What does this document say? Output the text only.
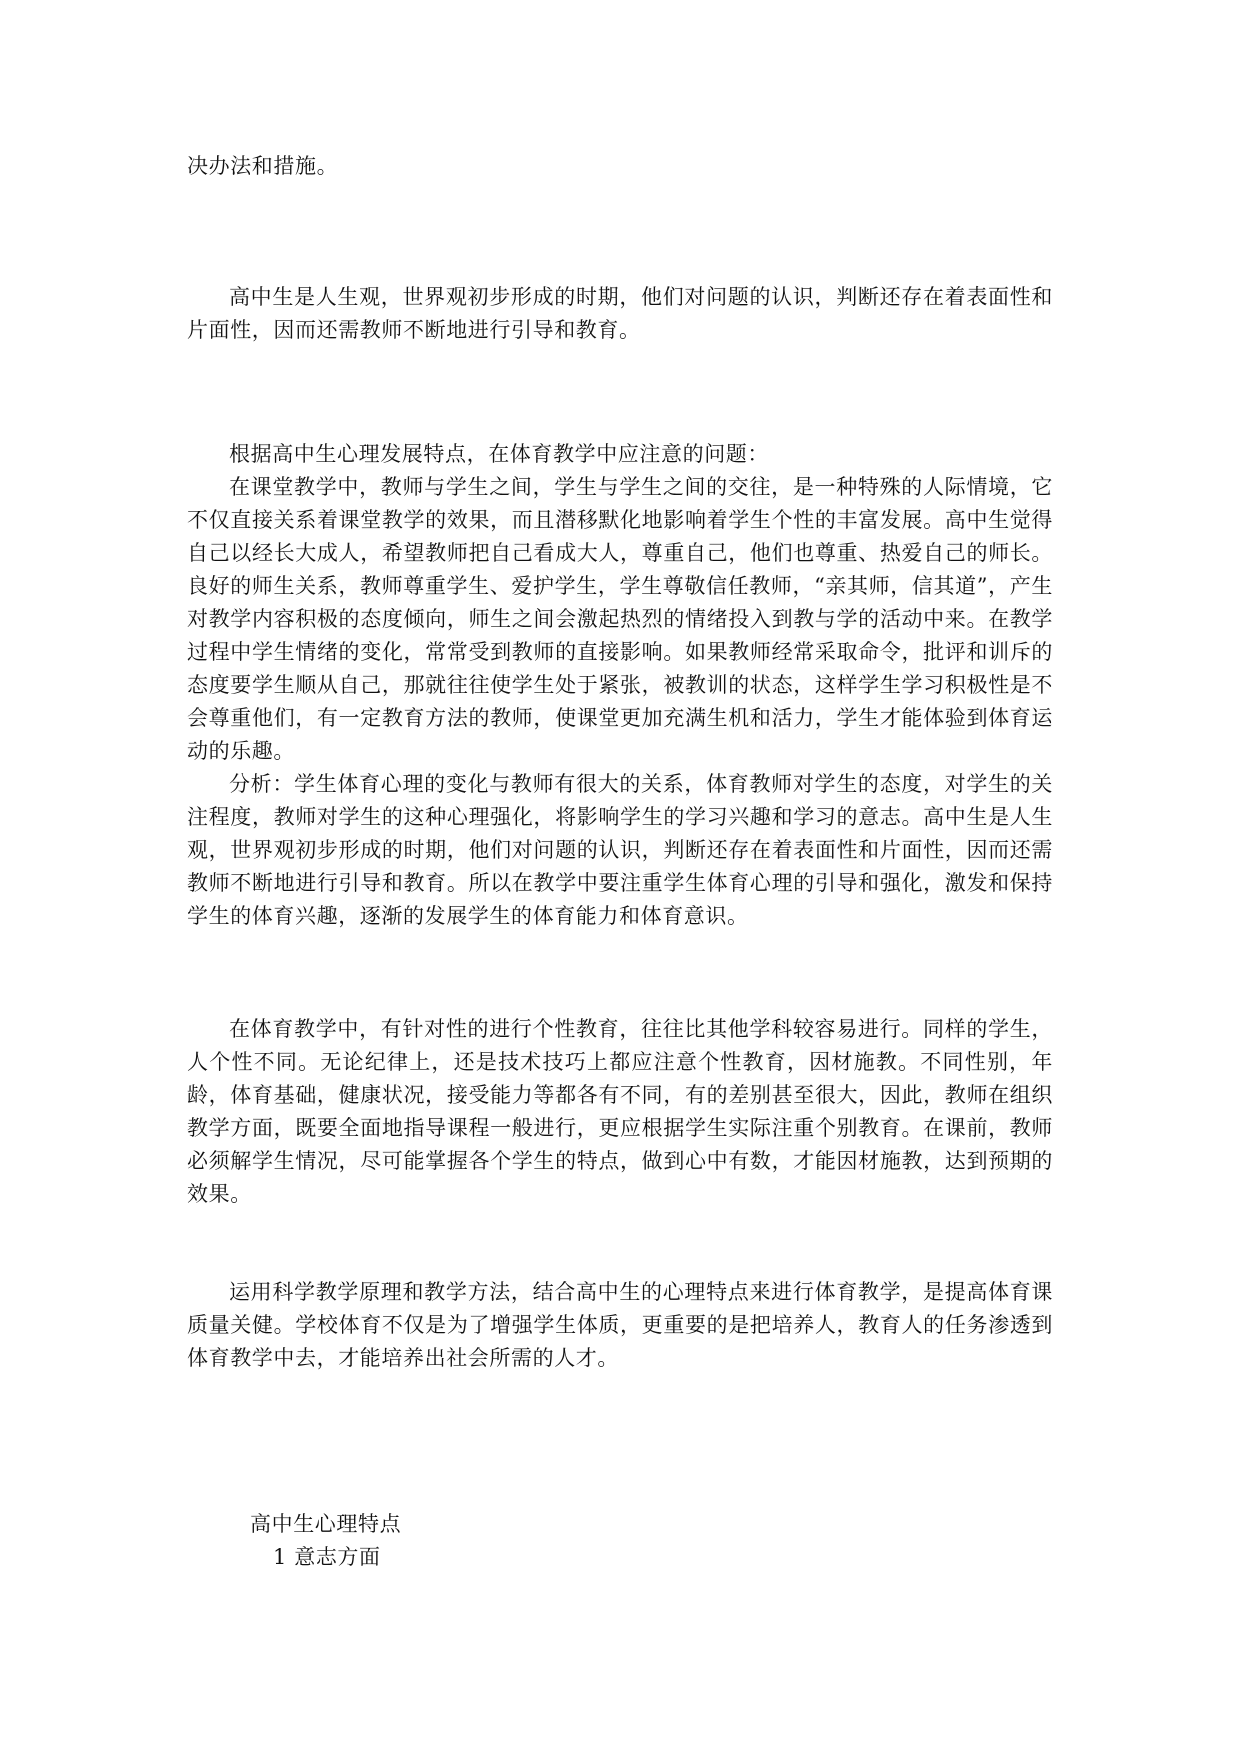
决办法和措施。

高中生是人生观，世界观初步形成的时期，他们对问题的认识，判断还存在着表面性和片面性，因而还需教师不断地进行引导和教育。

根据高中生心理发展特点，在体育教学中应注意的问题：

在课堂教学中，教师与学生之间，学生与学生之间的交往，是一种特殊的人际情境，它不仅直接关系着课堂教学的效果，而且潜移默化地影响着学生个性的丰富发展。高中生觉得自己以经长大成人，希望教师把自己看成大人，尊重自己，他们也尊重、热爱自己的师长。良好的师生关系，教师尊重学生、爱护学生，学生尊敬信任教师，“亲其师，信其道”，产生对教学内容积极的态度倾向，师生之间会激起热烈的情绪投入到教与学的活动中来。在教学过程中学生情绪的变化，常常受到教师的直接影响。如果教师经常采取命令，批评和训斥的态度要学生顺从自己，那就往往使学生处于紧张，被教训的状态，这样学生学习积极性是不会尊重他们，有一定教育方法的教师，使课堂更加充满生机和活力，学生才能体验到体育运动的乐趣。

分析：学生体育心理的变化与教师有很大的关系，体育教师对学生的态度，对学生的关注程度，教师对学生的这种心理强化，将影响学生的学习兴趣和学习的意志。高中生是人生观，世界观初步形成的时期，他们对问题的认识，判断还存在着表面性和片面性，因而还需教师不断地进行引导和教育。所以在教学中要注重学生体育心理的引导和强化，激发和保持学生的体育兴趣，逐渐的发展学生的体育能力和体育意识。

在体育教学中，有针对性的进行个性教育，往往比其他学科较容易进行。同样的学生，人个性不同。无论纪律上，还是技术技巧上都应注意个性教育，因材施教。不同性别，年龄，体育基础，健康状况，接受能力等都各有不同，有的差别甚至很大，因此，教师在组织教学方面，既要全面地指导课程一般进行，更应根据学生实际注重个别教育。在课前，教师必须解学生情况，尽可能掌握各个学生的特点，做到心中有数，才能因材施教，达到预期的效果。

运用科学教学原理和教学方法，结合高中生的心理特点来进行体育教学，是提高体育课质量关健。学校体育不仅是为了增强学生体质，更重要的是把培养人，教育人的任务渗透到体育教学中去，才能培养出社会所需的人才。

高中生心理特点
1 意志方面
